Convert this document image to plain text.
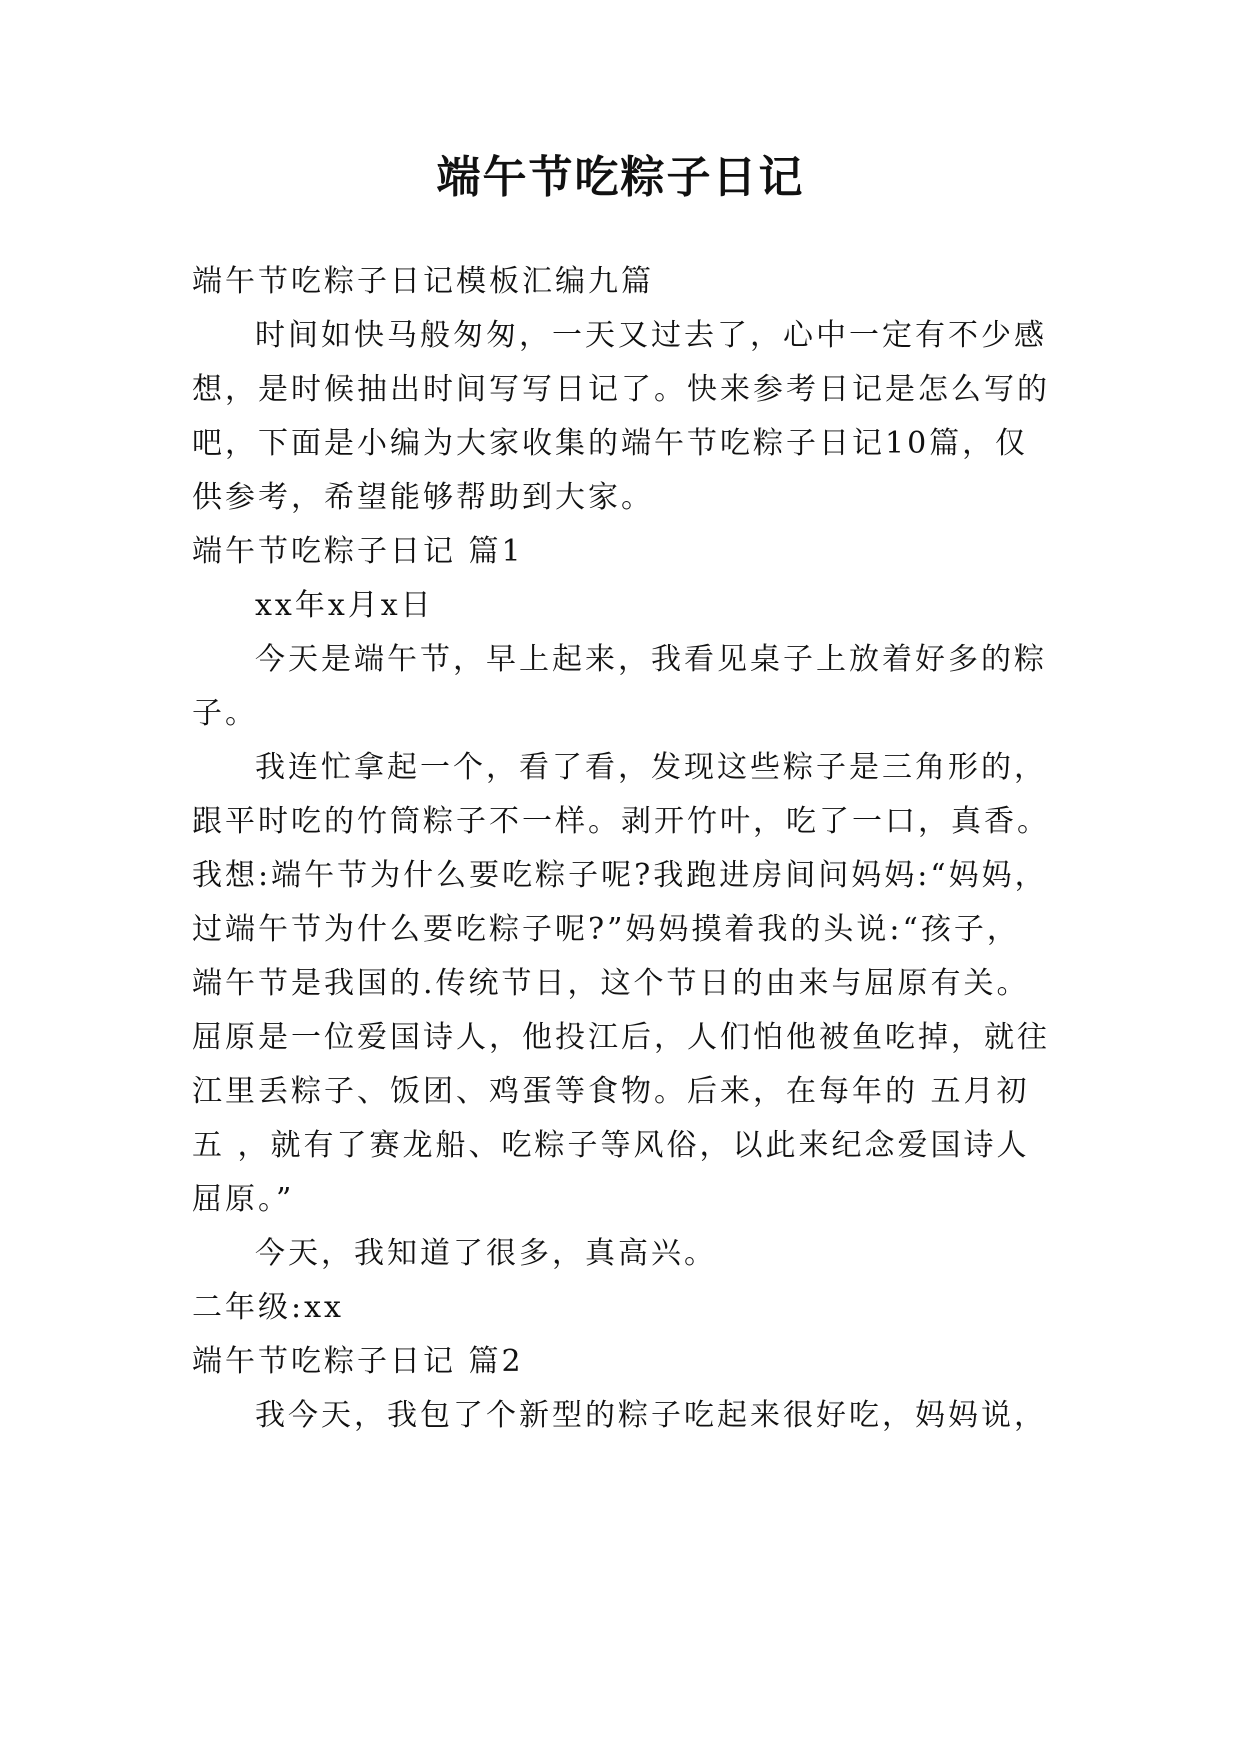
端午节吃粽子日记
端午节吃粽子日记模板汇编九篇
时间如快马般匆匆，一天又过去了，心中一定有不少感
想，是时候抽出时间写写日记了。快来参考日记是怎么写的
吧，下面是小编为大家收集的端午节吃粽子日记10篇，仅
供参考，希望能够帮助到大家。
端午节吃粽子日记 篇1
xx年x月x日
今天是端午节，早上起来，我看见桌子上放着好多的粽
子。
我连忙拿起一个，看了看，发现这些粽子是三角形的，
跟平时吃的竹筒粽子不一样。剥开竹叶，吃了一口，真香。
我想:端午节为什么要吃粽子呢?我跑进房间问妈妈:“妈妈，
过端午节为什么要吃粽子呢?”妈妈摸着我的头说:“孩子，
端午节是我国的.传统节日，这个节日的由来与屈原有关。
屈原是一位爱国诗人，他投江后，人们怕他被鱼吃掉，就往
江里丢粽子、饭团、鸡蛋等食物。后来，在每年的 五月初
五 ，就有了赛龙船、吃粽子等风俗，以此来纪念爱国诗人
屈原。”
今天，我知道了很多，真高兴。
二年级:xx
端午节吃粽子日记 篇2
我今天，我包了个新型的粽子吃起来很好吃，妈妈说，
